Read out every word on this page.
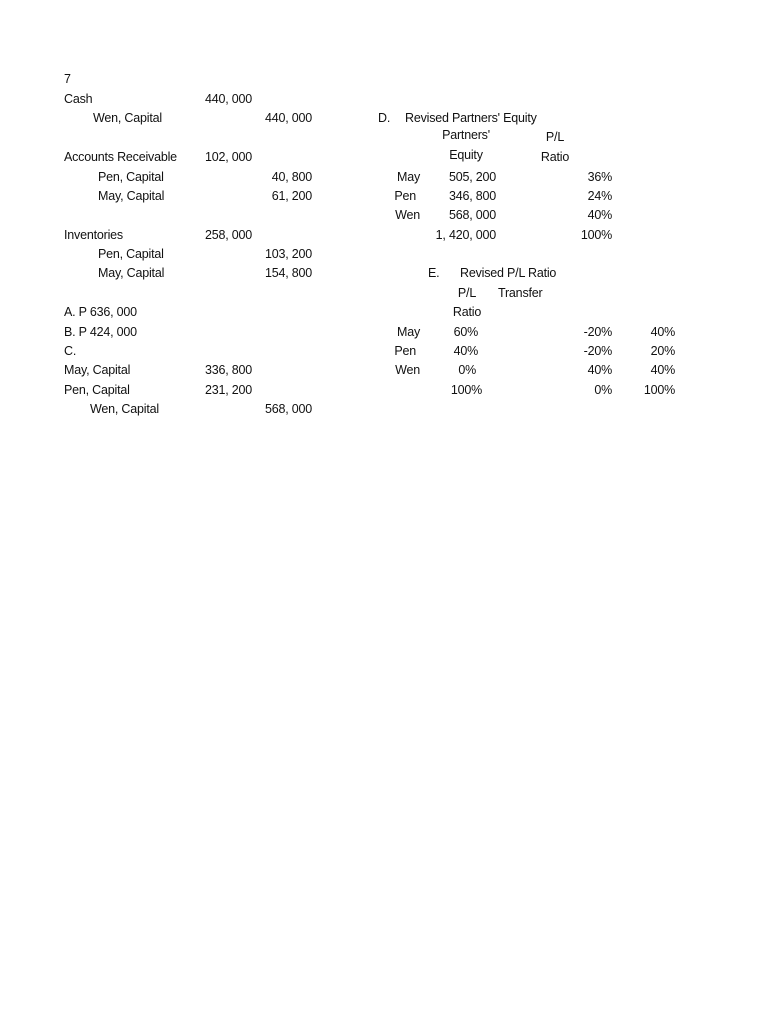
7
Cash	440, 000
Wen, Capital	440, 000
Accounts Receivable	102, 000
Pen, Capital	40, 800
May, Capital	61, 200
Inventories	258, 000
Pen, Capital	103, 200
May, Capital	154, 800
A. P 636, 000
B. P 424, 000
C.
May, Capital	336, 800
Pen, Capital	231, 200
Wen, Capital	568, 000
D. Revised Partners' Equity
Partners'
Equity
P/L
Ratio
May	505, 200	36%
Pen	346, 800	24%
Wen	568, 000	40%
1, 420, 000	100%
E. Revised P/L Ratio
P/L
Ratio
Transfer
May	60%	-20%	40%
Pen	40%	-20%	20%
Wen	0%	40%	40%
100%	0%	100%
